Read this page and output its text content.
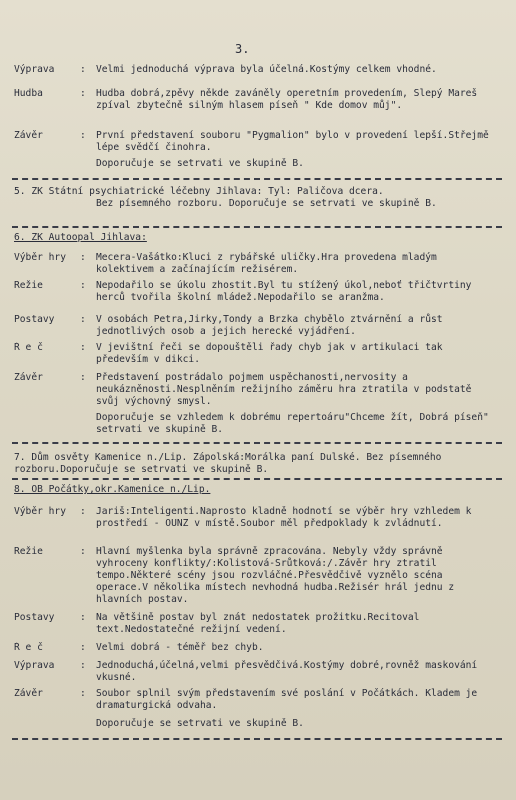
3.
Výprava	: Velmi jednoduchá výprava byla účelná.Kostýmy celkem vhodné.
Hudba	: Hudba dobrá,zpěvy někde zaváněly operetním provedením, Slepý Mareš zpíval zbytečně silným hlasem píseň " Kde domov můj".
Závěr	: První představení souboru "Pygmalion" bylo v provedení lepší.Střejmě lépe svědčí činohra.
Doporučuje se setrvati ve skupině B.
5. ZK Státní psychiatrické léčebny Jihlava: Tyl: Paličova dcera.
Bez písemného rozboru. Doporučuje se setrvati ve skupině B.
6. ZK Autoopal Jihlava:
Výběr hry	: Mecera-Vašátko:Kluci z rybářské uličky.Hra provedena mladým kolektivem a začínajícím režisérem.
Režie	: Nepodařilo se úkolu zhostit.Byl tu stížený úkol,neboť třičtvrtiny herců tvořila školní mládež.Nepodařilo se aranžma.
Postavy	: V osobách Petra,Jirky,Tondy a Brzka chybělo ztvárnění a růst jednotlivých osob a jejich herecké vyjádření.
Ř e č	: V jevištní řeči se dopouštěli řady chyb jak v artikulaci tak především v dikci.
Závěr	: Představení postrádalo pojmem uspěchanosti,nervosity a neukázněnosti.Nesplněním režijního záměru hra ztratila v podstatě svůj výchovný smysl.
Doporučuje se vzhledem k dobrému repertoáru"Chceme žít, Dobrá píseň" setrvati ve skupině B.
7. Dům osvěty Kamenice n./Lip. Zápolská:Morálka paní Dulské. Bez písemného rozboru.Doporučuje se setrvati ve skupině B.
8. OB Počátky,okr.Kamenice n./Lip.
Výběr hry	: Jariš:Inteligenti.Naprosto kladně hodnotí se výběr hry vzhledem k prostředí - OUNZ v místě.Soubor měl předpoklady k zvládnutí.
Režie	: Hlavní myšlenka byla správně zpracována. Nebyly vždy správně vyhroceny konflikty/:Kolistová-Srůtková:/.Závěr hry ztratil tempo.Některé scény jsou rozvláčné.Přesvědčivě vyznělo scéna operace.V několika místech nevhodná hudba.Režisér hrál jednu z hlavních postav.
Postavy	: Na většině postav byl znát nedostatek prožitku.Recitoval text.Nedostatečné režijní vedení.
Ř e č	: Velmi dobrá - téměř bez chyb.
Výprava	: Jednoduchá,účelná,velmi přesvědčivá.Kostýmy dobré,rovněž maskování vkusné.
Závěr	: Soubor splnil svým představením své poslání v Počátkách. Kladem je dramaturgická odvaha.
Doporučuje se setrvati ve skupině B.
